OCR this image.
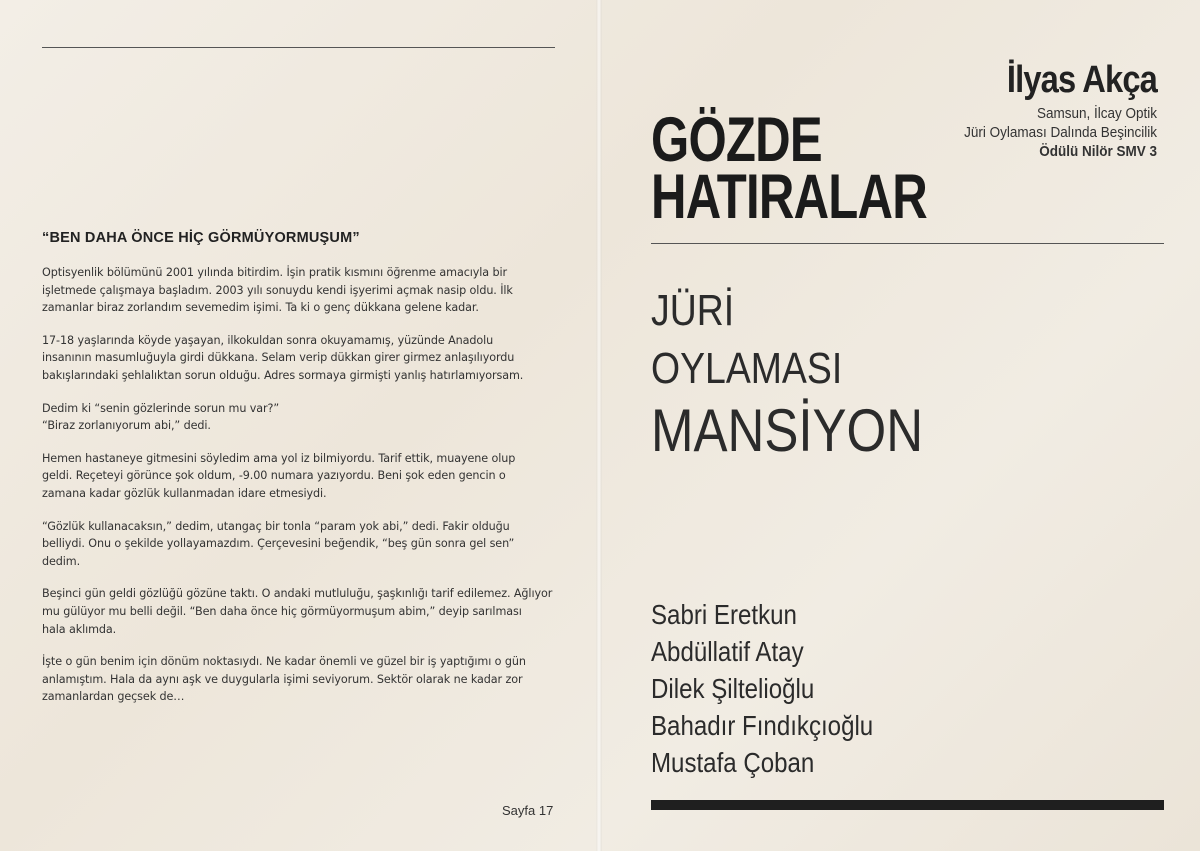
İlyas Akça
Samsun, İlcay Optik
Jüri Oylaması Dalında Beşincilik
Ödülü Nilör SMV 3
“BEN DAHA ÖNCE HİÇ GÖRMÜYORMUŞUM”

Optisyenlik bölümünü 2001 yılında bitirdim. İşin pratik kısmını öğrenme amacıyla bir
işletmede çalışmaya başladım. 2003 yılı sonuydu kendi işyerimi açmak nasip oldu. İlk
zamanlar biraz zorlandım sevemedim işimi. Ta ki o genç dükkana gelene kadar.

17-18 yaşlarında köyde yaşayan, ilkokuldan sonra okuyamamış, yüzünde Anadolu
insanının masumluğuyla girdi dükkana. Selam verip dükkan girer girmez anlaşılıyordu
bakışlarındaki şehlalıktan sorun olduğu. Adres sormaya girmişti yanlış hatırlamıyorsam.

Dedim ki “senin gözlerinde sorun mu var?”
“Biraz zorlanıyorum abi,” dedi.

Hemen hastaneye gitmesini söyledim ama yol iz bilmiyordu. Tarif ettik, muayene olup
geldi. Reçeteyi görünce şok oldum, -9.00 numara yazıyordu. Beni şok eden gencin o
zamana kadar gözlük kullanmadan idare etmesiydi.

“Gözlük kullanacaksın,” dedim, utangaç bir tonla “param yok abi,” dedi. Fakir olduğu
belliydi. Onu o şekilde yollayamazdım. Çerçevesini beğendik, “beş gün sonra gel sen”
dedim.

Beşinci gün geldi gözlüğü gözüne taktı. O andaki mutluluğu, şaşkınlığı tarif edilemez. Ağlıyor
mu gülüyor mu belli değil. “Ben daha önce hiç görmüyormuşum abim,” deyip sarılması
hala aklımda.

İşte o gün benim için dönüm noktasıydı. Ne kadar önemli ve güzel bir iş yaptığımı o gün
anlamıştım. Hala da aynı aşk ve duygularla işimi seviyorum. Sektör olarak ne kadar zor
zamanlardan geçsek de…

Sayfa 17
GÖZDE
HATIRALAR
JÜRİ
OYLAMASI
MANSİYON
Sabri Eretkun
Abdüllatif Atay
Dilek Şiltelioğlu
Bahadır Fındıkçıoğlu
Mustafa Çoban
